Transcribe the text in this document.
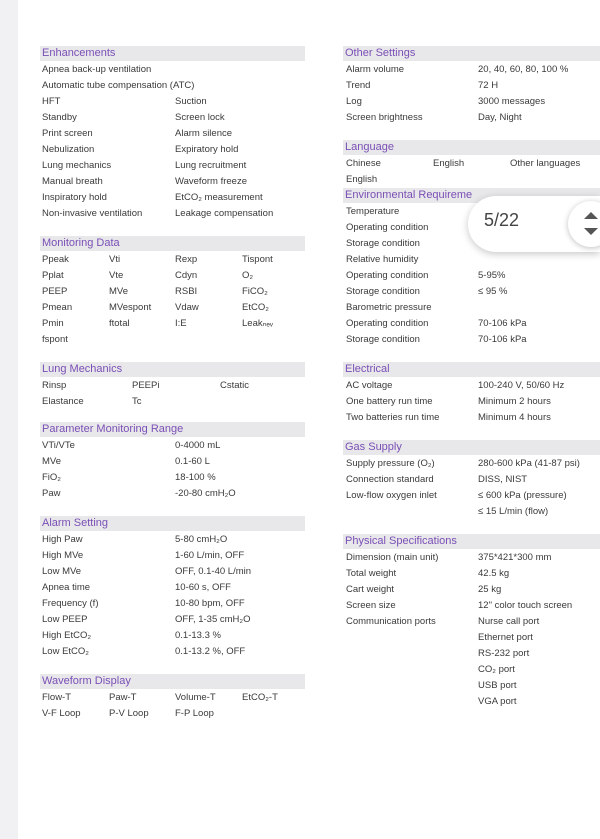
Enhancements
Apnea back-up ventilation
Automatic tube compensation (ATC)
HFT	Suction
Standby	Screen lock
Print screen	Alarm silence
Nebulization	Expiratory hold
Lung mechanics	Lung recruitment
Manual breath	Waveform freeze
Inspiratory hold	EtCO₂ measurement
Non-invasive ventilation	Leakage compensation
Monitoring Data
Ppeak	Vti	Rexp	Tispont
Pplat	Vte	Cdyn	O₂
PEEP	MVe	RSBI	FiCO₂
Pmean	MVespont	Vdaw	EtCO₂
Pmin	ftotal	I:E	Leakₙₑᵥ
fspont
Lung Mechanics
Rinsp	PEEPi	Cstatic
Elastance	Tc
Parameter Monitoring Range
VTi/VTe	0-4000 mL
MVe	0.1-60 L
FiO₂	18-100 %
Paw	-20-80 cmH₂O
Alarm Setting
High Paw	5-80 cmH₂O
High MVe	1-60 L/min, OFF
Low MVe	OFF, 0.1-40 L/min
Apnea time	10-60 s, OFF
Frequency (f)	10-80 bpm, OFF
Low PEEP	OFF, 1-35 cmH₂O
High EtCO₂	0.1-13.3 %
Low EtCO₂	0.1-13.2 %, OFF
Waveform Display
Flow-T	Paw-T	Volume-T	EtCO₂-T
V-F Loop	P-V Loop	F-P Loop
Other Settings
Alarm volume	20, 40, 60, 80, 100 %
Trend	72 H
Log	3000 messages
Screen brightness	Day, Night
Language
Chinese	English	Other languages
English
Environmental Requireme
Temperature
Operating condition
Storage condition
Relative humidity
Operating condition	5-95%
Storage condition	≤ 95 %
Barometric pressure
Operating condition	70-106 kPa
Storage condition	70-106 kPa
Electrical
AC voltage	100-240 V, 50/60 Hz
One battery run time	Minimum 2 hours
Two batteries run time	Minimum 4 hours
Gas Supply
Supply pressure (O₂)	280-600 kPa (41-87 psi)
Connection standard	DISS, NIST
Low-flow oxygen inlet	≤ 600 kPa (pressure)
≤ 15 L/min (flow)
Physical Specifications
Dimension (main unit)	375*421*300 mm
Total weight	42.5 kg
Cart weight	25 kg
Screen size	12" color touch screen
Communication ports	Nurse call port
Ethernet port
RS-232 port
CO₂ port
USB port
VGA port
5/22
